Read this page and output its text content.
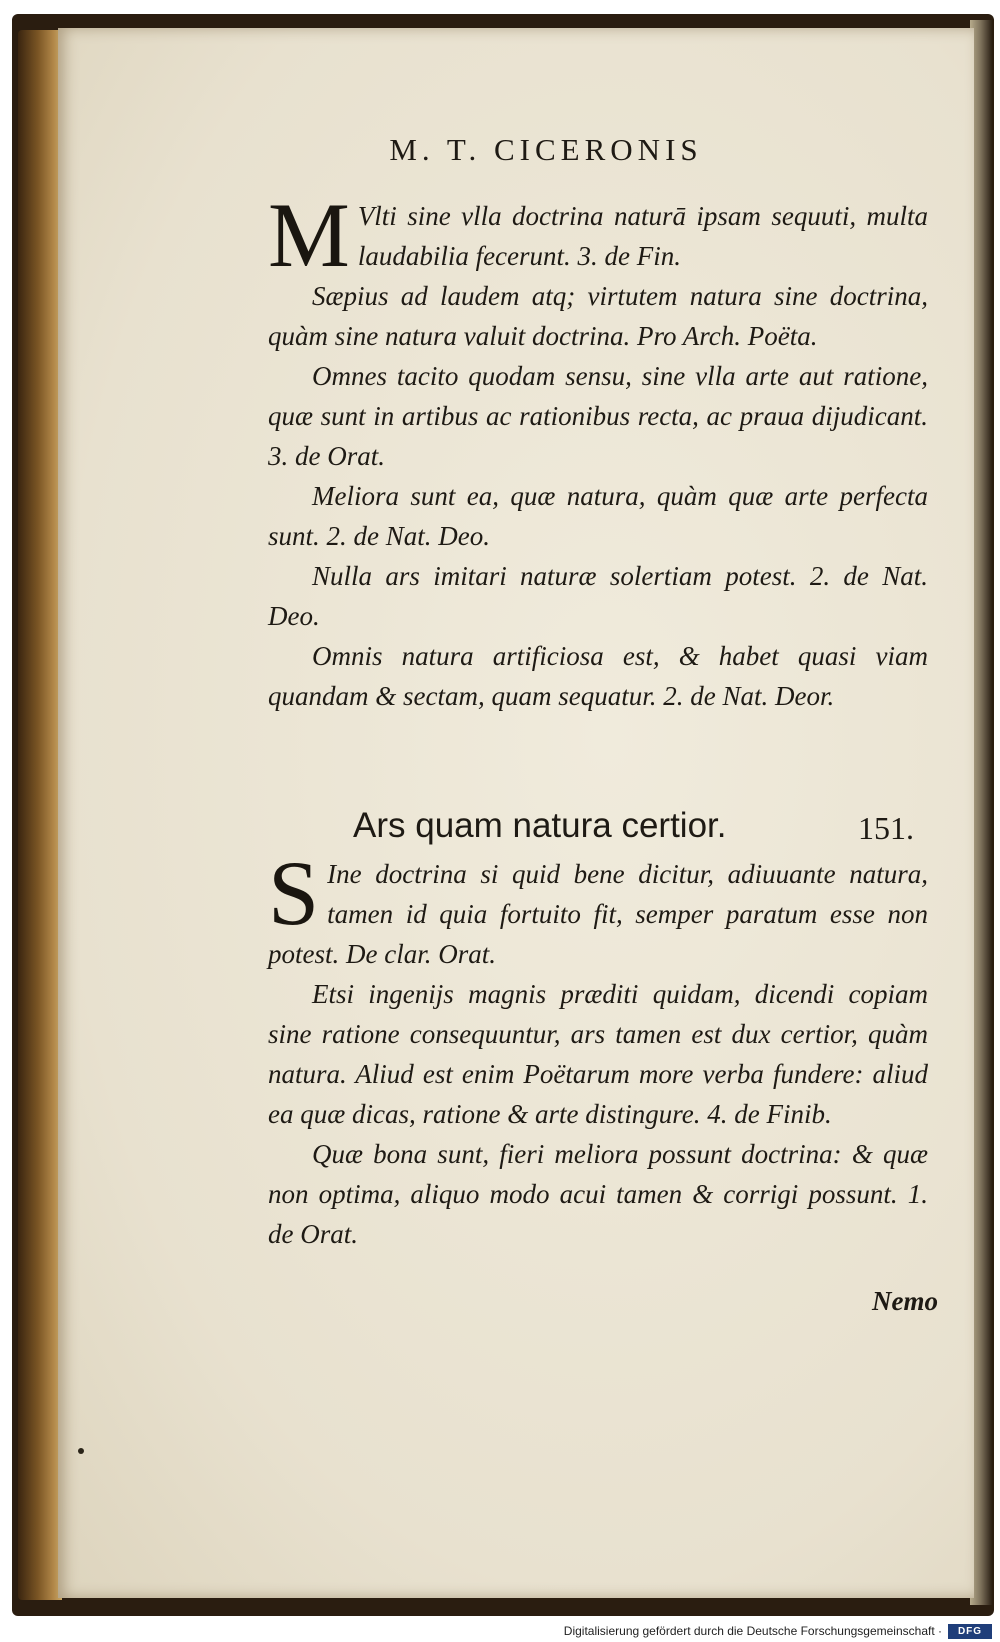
M. T. CICERONIS
M Vlti sine vlla doctrina naturā ipsam sequuti, multa laudabilia fecerunt. 3. de Fin.

Sæpius ad laudem atq; virtutem natura sine doctrina, quàm sine natura valuit doctrina. Pro Arch. Poëta.

Omnes tacito quodam sensu, sine vlla arte aut ratione, quæ sunt in artibus ac rationibus recta, ac praua dijudicant. 3. de Orat.

Meliora sunt ea, quæ natura, quàm quæ arte perfecta sunt. 2. de Nat. Deo.

Nulla ars imitari naturæ solertiam potest. 2. de Nat. Deo.

Omnis natura artificiosa est, & habet quasi viam quandam & sectam, quam sequatur. 2. de Nat. Deor.

Ars quam natura certior.	151.
S Ine doctrina si quid bene dicitur, adiuuante natura, tamen id quia fortuito fit, semper paratum esse non potest. De clar. Orat.

Etsi ingenijs magnis præditi quidam, dicendi copiam sine ratione consequuntur, ars tamen est dux certior, quàm natura. Aliud est enim Poëtarum more verba fundere: aliud ea quæ dicas, ratione & arte distingure. 4. de Finib.

Quæ bona sunt, fieri meliora possunt doctrina: & quæ non optima, aliquo modo acui tamen & corrigi possunt. 1. de Orat.

Nemo
Digitalisierung gefördert durch die Deutsche Forschungsgemeinschaft ·	DFG
